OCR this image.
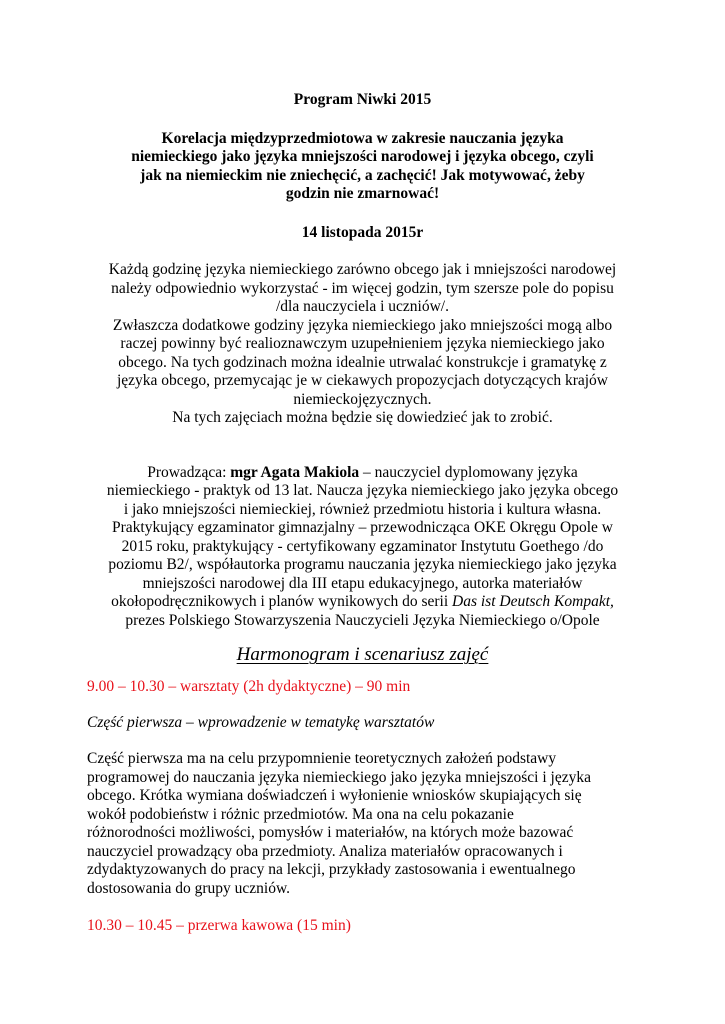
Program Niwki 2015

Korelacja międzyprzedmiotowa w zakresie nauczania języka

niemieckiego jako języka mniejszości narodowej i języka obcego, czyli

jak na niemieckim nie zniechęcić, a zachęcić! Jak motywować, żeby

godzin nie zmarnować!

14 listopada 2015r

Każdą godzinę języka niemieckiego zarówno obcego jak i mniejszości narodowej
należy odpowiednio wykorzystać - im więcej godzin, tym szersze pole do popisu
/dla nauczyciela i uczniów/.
Zwłaszcza dodatkowe godziny języka niemieckiego jako mniejszości mogą albo
raczej powinny być realioznawczym uzupełnieniem języka niemieckiego jako
obcego. Na tych godzinach można idealnie utrwalać konstrukcje i gramatykę z
języka obcego, przemycając je w ciekawych propozycjach dotyczących krajów
niemieckojęzycznych.
Na tych zajęciach można będzie się dowiedzieć jak to zrobić.
Prowadząca: mgr Agata Makiola – nauczyciel dyplomowany języka
niemieckiego - praktyk od 13 lat. Naucza języka niemieckiego jako języka obcego
i jako mniejszości niemieckiej, również przedmiotu historia i kultura własna.
Praktykujący egzaminator gimnazjalny – przewodnicząca OKE Okręgu Opole w
2015 roku, praktykujący - certyfikowany egzaminator Instytutu Goethego /do
poziomu B2/, współautorka programu nauczania języka niemieckiego jako języka
mniejszości narodowej dla III etapu edukacyjnego, autorka materiałów
okołopodręcznikowych i planów wynikowych do serii Das ist Deutsch Kompakt,
prezes Polskiego Stowarzyszenia Nauczycieli Języka Niemieckiego o/Opole

Harmonogram i scenariusz zajęć

9.00 – 10.30 – warsztaty (2h dydaktyczne) – 90 min

Część pierwsza – wprowadzenie w tematykę warsztatów

Część pierwsza ma na celu przypomnienie teoretycznych założeń podstawy
programowej do nauczania języka niemieckiego jako języka mniejszości i języka
obcego. Krótka wymiana doświadczeń i wyłonienie wniosków skupiających się
wokół podobieństw i różnic przedmiotów. Ma ona na celu pokazanie
różnorodności możliwości, pomysłów i materiałów, na których może bazować
nauczyciel prowadzący oba przedmioty. Analiza materiałów opracowanych i
zdydaktyzowanych do pracy na lekcji, przykłady zastosowania i ewentualnego
dostosowania do grupy uczniów.

10.30 – 10.45 – przerwa kawowa (15 min)
